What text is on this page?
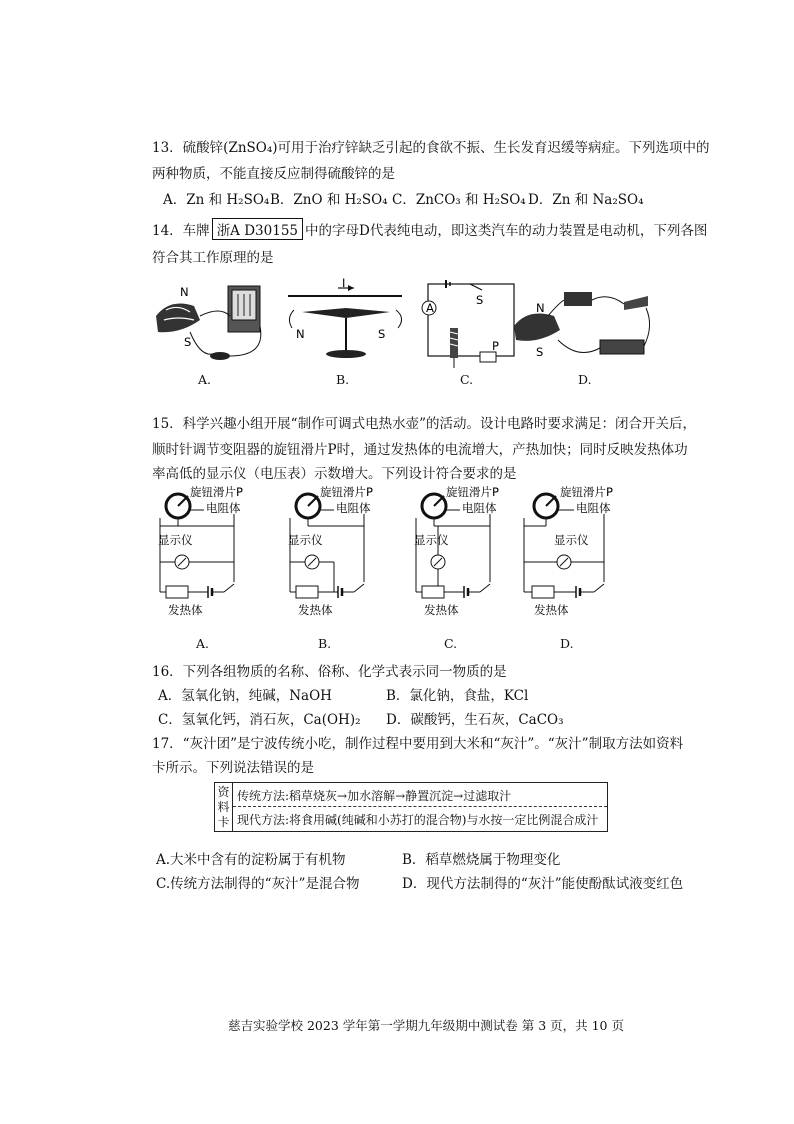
13．硫酸锌(ZnSO₄)可用于治疗锌缺乏引起的食欲不振、生长发育迟缓等病症。下列选项中的
两种物质，不能直接反应制得硫酸锌的是
A．Zn 和 H₂SO₄ B．ZnO 和 H₂SO₄ C．ZnCO₃ 和 H₂SO₄ D．Zn 和 Na₂SO₄
14．车牌 浙A D30155 中的字母D代表纯电动，即这类汽车的动力装置是电动机，下列各图
符合其工作原理的是
N
S
I
N	S
A
S
P
N
S
A.	B.	C.	D.
15．科学兴趣小组开展“制作可调式电热水壶”的活动。设计电路时要求满足：闭合开关后，
顺时针调节变阻器的旋钮滑片P时，通过发热体的电流增大，产热加快；同时反映发热体功
率高低的显示仪（电压表）示数增大。下列设计符合要求的是
旋钮滑片P
电阻体
显示仪
发热体
旋钮滑片P
电阻体
显示仪
发热体
旋钮滑片P
电阻体
显示仪
发热体
旋钮滑片P
电阻体
显示仪
发热体
A.	B.	C.	D.
16．下列各组物质的名称、俗称、化学式表示同一物质的是
A．氢氧化钠，纯碱，NaOH	B．氯化钠，食盐，KCl
C．氢氧化钙，消石灰，Ca(OH)₂ D．碳酸钙，生石灰，CaCO₃
17．“灰汁团”是宁波传统小吃，制作过程中要用到大米和“灰汁”。“灰汁”制取方法如资料
卡所示。下列说法错误的是
资
料
卡
传统方法:稻草烧灰→加水溶解→静置沉淀→过滤取汁
现代方法:将食用碱(纯碱和小苏打的混合物)与水按一定比例混合成汁
A.大米中含有的淀粉属于有机物	B．稻草燃烧属于物理变化
C.传统方法制得的“灰汁”是混合物	D．现代方法制得的“灰汁”能使酚酞试液变红色
慈吉实验学校 2023 学年第一学期九年级期中测试卷 第 3 页，共 10 页
